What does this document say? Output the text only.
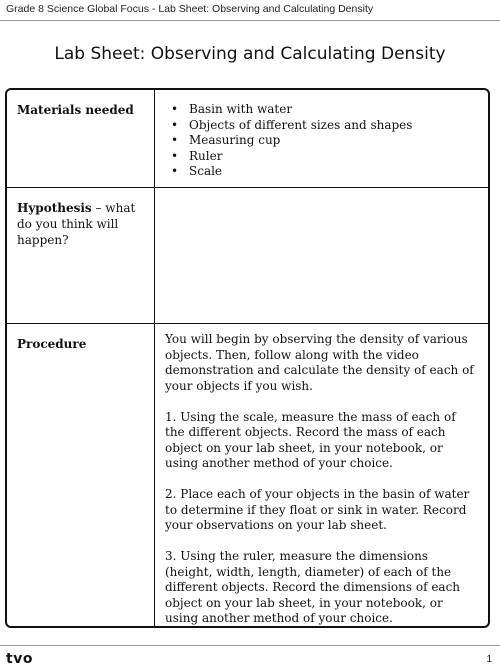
Grade 8 Science Global Focus - Lab Sheet: Observing and Calculating Density
Lab Sheet: Observing and Calculating Density
Materials needed	• Basin with water
• Objects of different sizes and shapes
• Measuring cup
• Ruler
• Scale
Hypothesis – what do you think will happen?
Procedure	You will begin by observing the density of various objects. Then, follow along with the video demonstration and calculate the density of each of your objects if you wish.

1. Using the scale, measure the mass of each of the different objects. Record the mass of each object on your lab sheet, in your notebook, or using another method of your choice.

2. Place each of your objects in the basin of water to determine if they float or sink in water. Record your observations on your lab sheet.

3. Using the ruler, measure the dimensions (height, width, length, diameter) of each of the different objects. Record the dimensions of each object on your lab sheet, in your notebook, or using another method of your choice.

tvo	1
